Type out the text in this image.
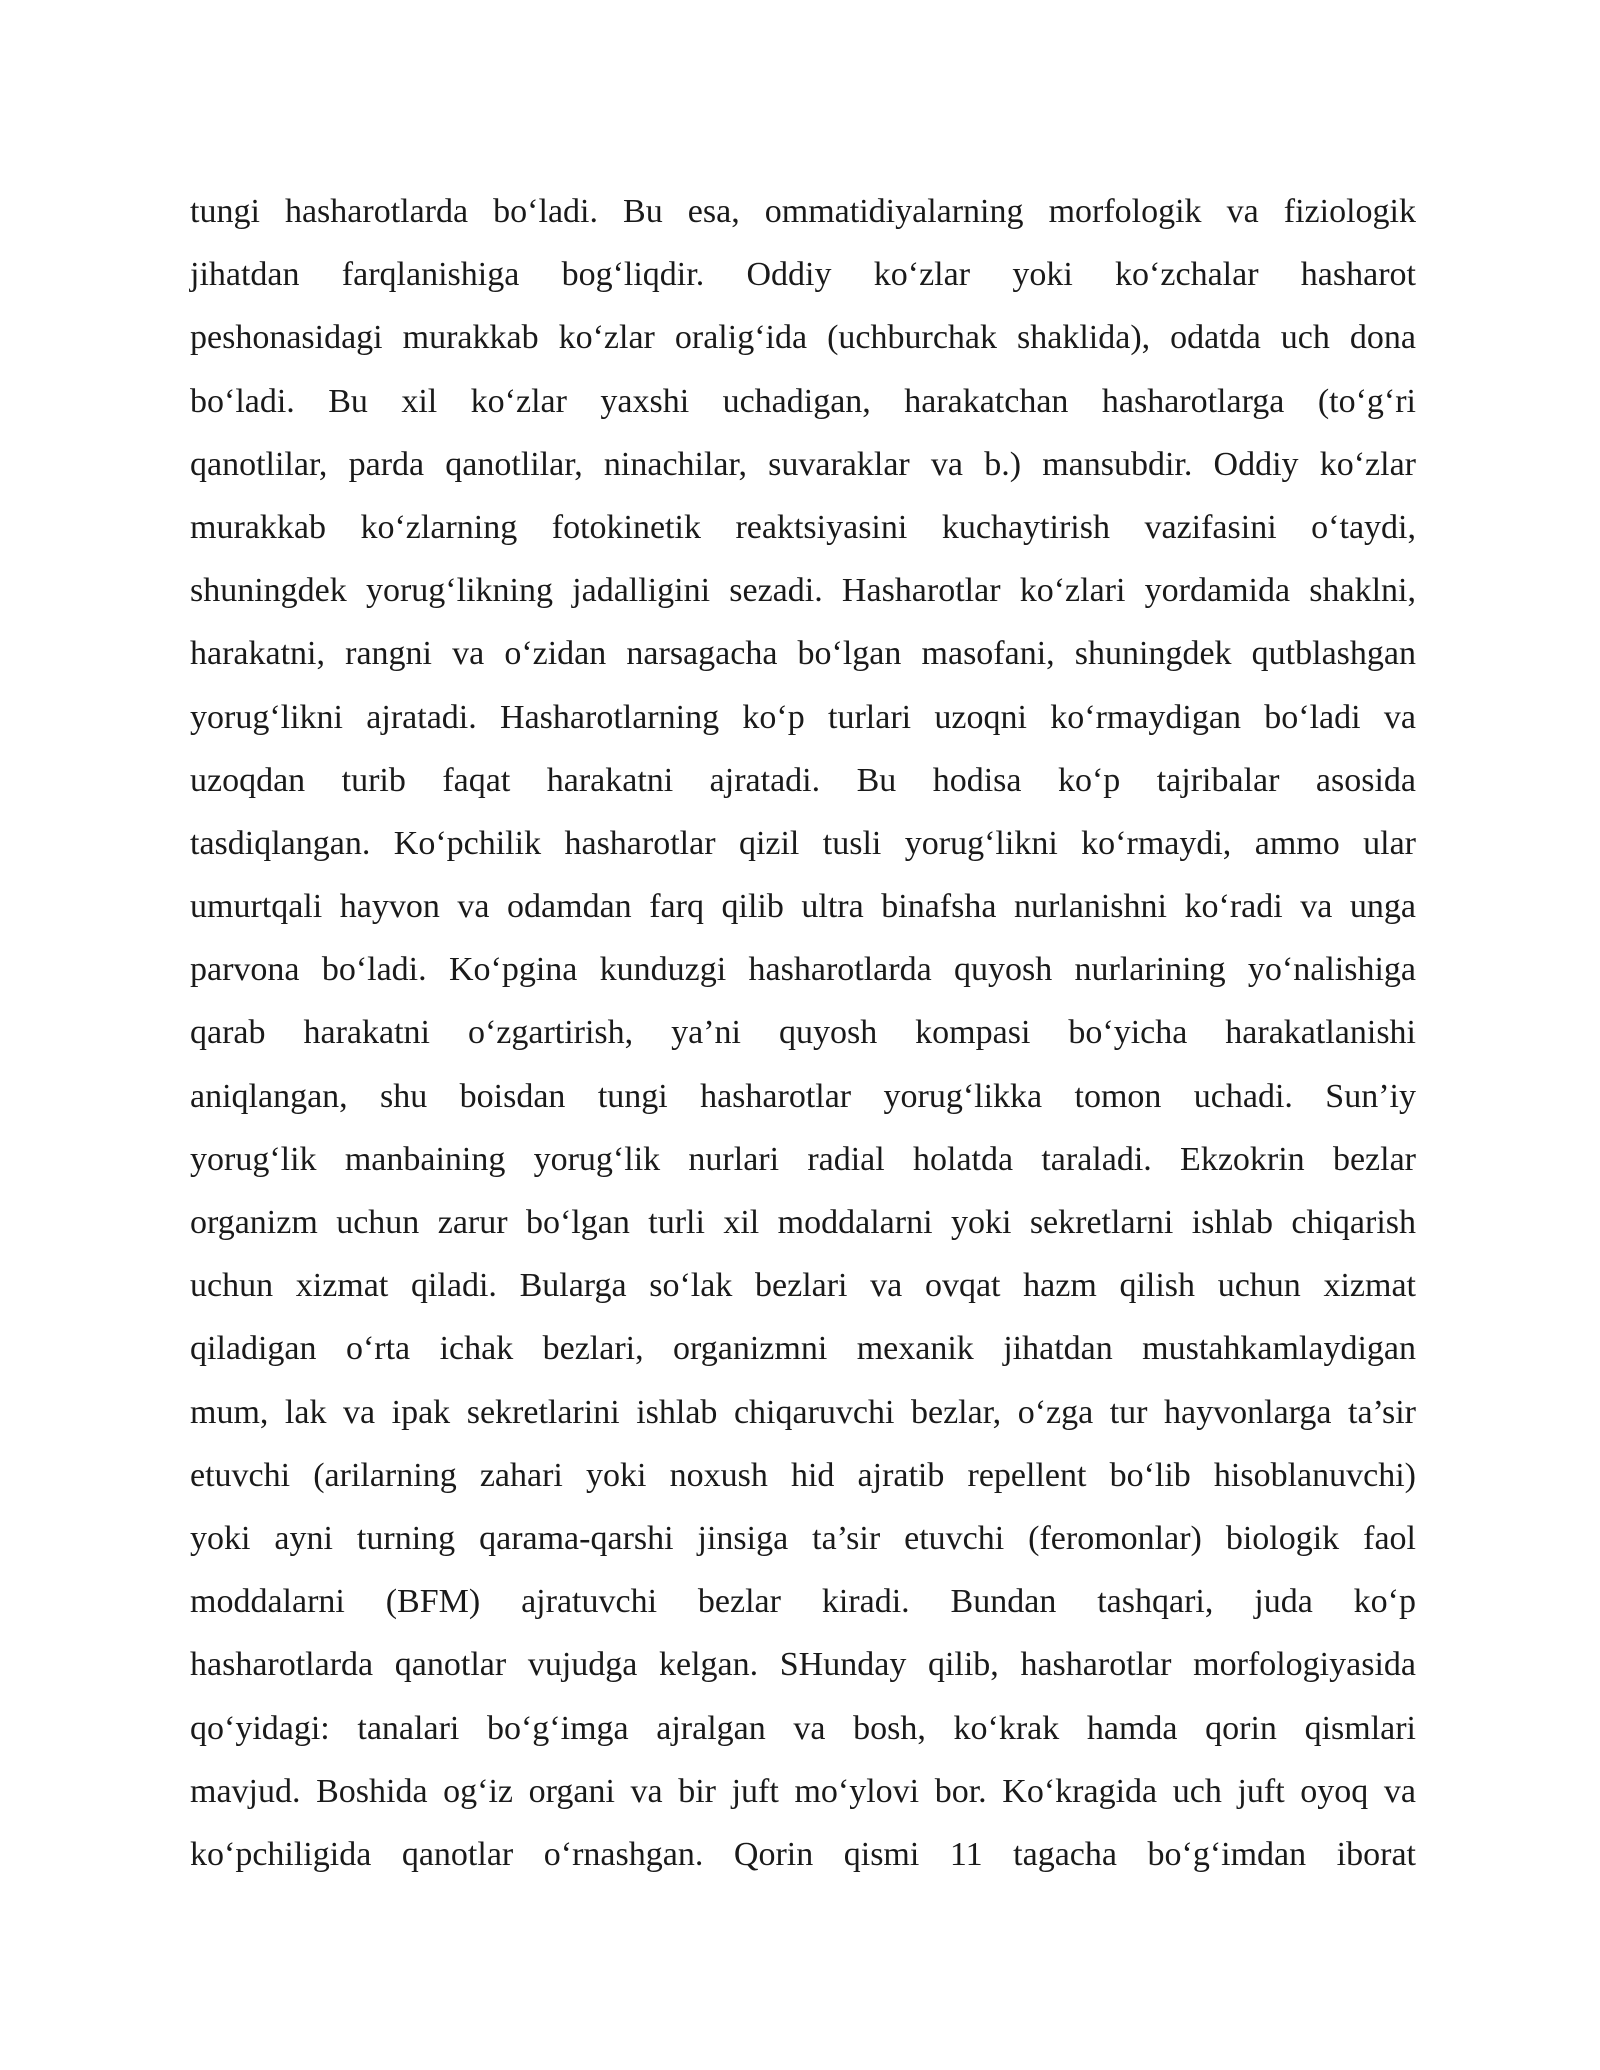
tungi hasharotlarda bo‘ladi. Bu esa, ommatidiyalarning morfologik va fiziologik
jihatdan farqlanishiga bog‘liqdir. Oddiy ko‘zlar yoki ko‘zchalar hasharot
peshonasidagi murakkab ko‘zlar oralig‘ida (uchburchak shaklida), odatda uch dona
bo‘ladi. Bu xil ko‘zlar yaxshi uchadigan, harakatchan hasharotlarga (to‘g‘ri
qanotlilar, parda qanotlilar, ninachilar, suvaraklar va b.) mansubdir. Oddiy ko‘zlar
murakkab ko‘zlarning fotokinetik reaktsiyasini kuchaytirish vazifasini o‘taydi,
shuningdek yorug‘likning jadalligini sezadi. Hasharotlar ko‘zlari yordamida shaklni,
harakatni, rangni va o‘zidan narsagacha bo‘lgan masofani, shuningdek qutblashgan
yorug‘likni ajratadi. Hasharotlarning ko‘p turlari uzoqni ko‘rmaydigan bo‘ladi va
uzoqdan turib faqat harakatni ajratadi. Bu hodisa ko‘p tajribalar asosida
tasdiqlangan. Ko‘pchilik hasharotlar qizil tusli yorug‘likni ko‘rmaydi, ammo ular
umurtqali hayvon va odamdan farq qilib ultra binafsha nurlanishni ko‘radi va unga
parvona bo‘ladi. Ko‘pgina kunduzgi hasharotlarda quyosh nurlarining yo‘nalishiga
qarab harakatni o‘zgartirish, ya’ni quyosh kompasi bo‘yicha harakatlanishi
aniqlangan, shu boisdan tungi hasharotlar yorug‘likka tomon uchadi. Sun’iy
yorug‘lik manbaining yorug‘lik nurlari radial holatda taraladi. Ekzokrin bezlar
organizm uchun zarur bo‘lgan turli xil moddalarni yoki sekretlarni ishlab chiqarish
uchun xizmat qiladi. Bularga so‘lak bezlari va ovqat hazm qilish uchun xizmat
qiladigan o‘rta ichak bezlari, organizmni mexanik jihatdan mustahkamlaydigan
mum, lak va ipak sekretlarini ishlab chiqaruvchi bezlar, o‘zga tur hayvonlarga ta’sir
etuvchi (arilarning zahari yoki noxush hid ajratib repellent bo‘lib hisoblanuvchi)
yoki ayni turning qarama-qarshi jinsiga ta’sir etuvchi (feromonlar) biologik faol
moddalarni (BFM) ajratuvchi bezlar kiradi. Bundan tashqari, juda ko‘p
hasharotlarda qanotlar vujudga kelgan. SHunday qilib, hasharotlar morfologiyasida
qo‘yidagi: tanalari bo‘g‘imga ajralgan va bosh, ko‘krak hamda qorin qismlari
mavjud. Boshida og‘iz organi va bir juft mo‘ylovi bor. Ko‘kragida uch juft oyoq va
ko‘pchiligida qanotlar o‘rnashgan. Qorin qismi 11 tagacha bo‘g‘imdan iborat
